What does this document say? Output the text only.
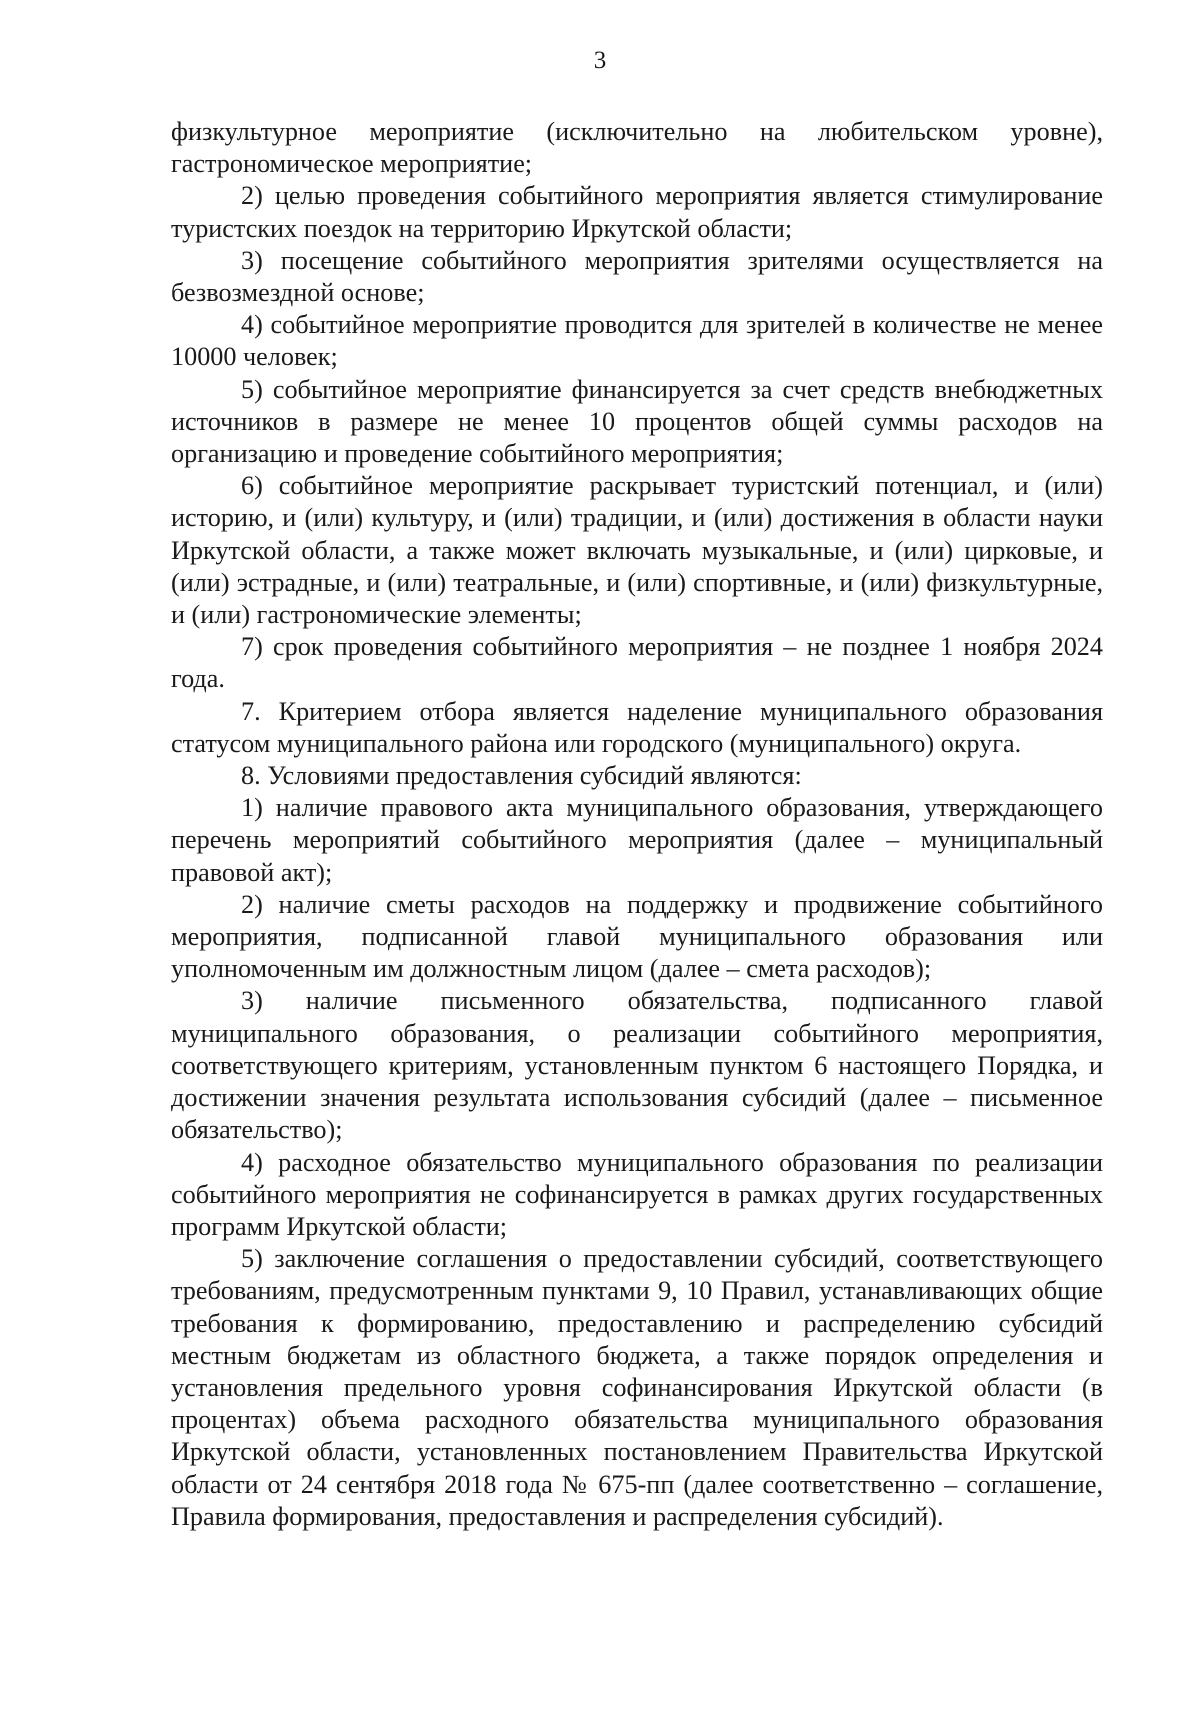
3

физкультурное мероприятие (исключительно на любительском уровне), гастрономическое мероприятие;

2) целью проведения событийного мероприятия является стимулирование туристских поездок на территорию Иркутской области;

3) посещение событийного мероприятия зрителями осуществляется на безвозмездной основе;

4) событийное мероприятие проводится для зрителей в количестве не менее 10000 человек;

5) событийное мероприятие финансируется за счет средств внебюджетных источников в размере не менее 10 процентов общей суммы расходов на организацию и проведение событийного мероприятия;

6) событийное мероприятие раскрывает туристский потенциал, и (или) историю, и (или) культуру, и (или) традиции, и (или) достижения в области науки Иркутской области, а также может включать музыкальные, и (или) цирковые, и (или) эстрадные, и (или) театральные, и (или) спортивные, и (или) физкультурные, и (или) гастрономические элементы;

7) срок проведения событийного мероприятия – не позднее 1 ноября 2024 года.

7. Критерием отбора является наделение муниципального образования статусом муниципального района или городского (муниципального) округа.

8. Условиями предоставления субсидий являются:

1) наличие правового акта муниципального образования, утверждающего перечень мероприятий событийного мероприятия (далее – муниципальный правовой акт);

2) наличие сметы расходов на поддержку и продвижение событийного мероприятия, подписанной главой муниципального образования или уполномоченным им должностным лицом (далее – смета расходов);

3) наличие письменного обязательства, подписанного главой муниципального образования, о реализации событийного мероприятия, соответствующего критериям, установленным пунктом 6 настоящего Порядка, и достижении значения результата использования субсидий (далее – письменное обязательство);

4) расходное обязательство муниципального образования по реализации событийного мероприятия не софинансируется в рамках других государственных программ Иркутской области;

5) заключение соглашения о предоставлении субсидий, соответствующего требованиям, предусмотренным пунктами 9, 10 Правил, устанавливающих общие требования к формированию, предоставлению и распределению субсидий местным бюджетам из областного бюджета, а также порядок определения и установления предельного уровня софинансирования Иркутской области (в процентах) объема расходного обязательства муниципального образования Иркутской области, установленных постановлением Правительства Иркутской области от 24 сентября 2018 года № 675-пп (далее соответственно – соглашение, Правила формирования, предоставления и распределения субсидий).
